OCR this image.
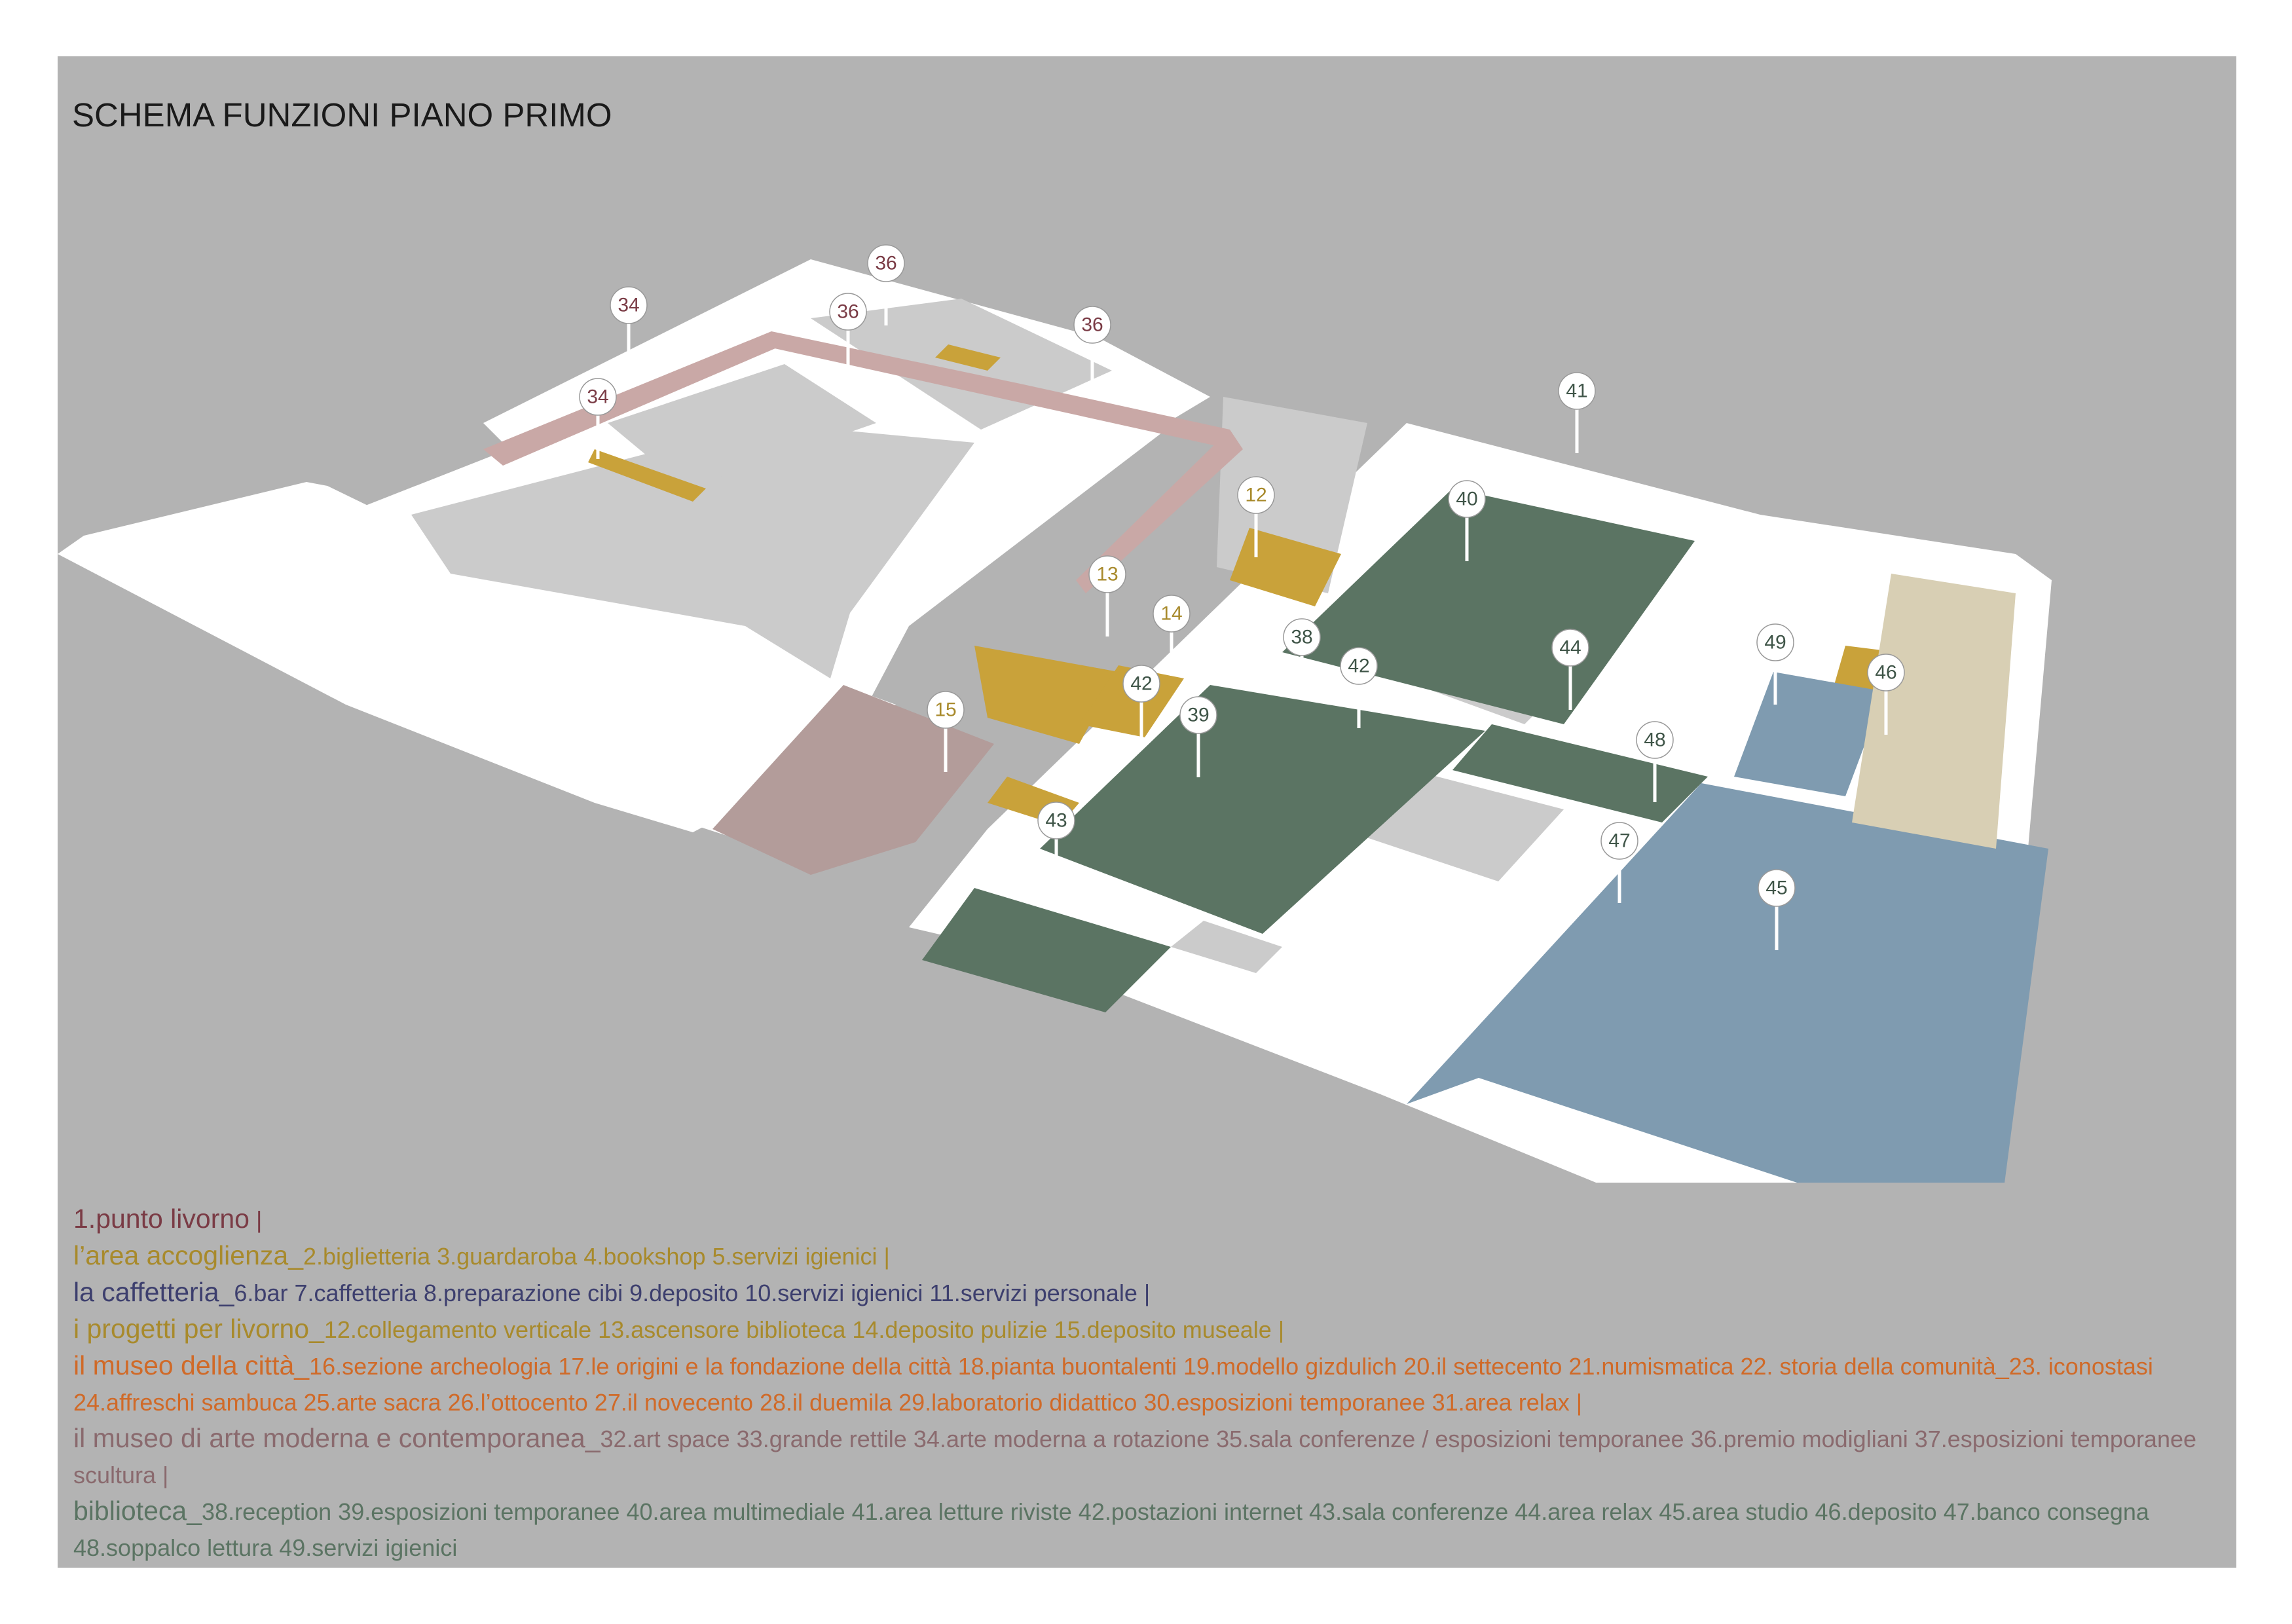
SCHEMA FUNZIONI PIANO PRIMO
34
34
36
36
36
12
13
14
15
41
40
38
42
42
39
43
44
48
47
45
49
46
1.punto livorno |
l’area accoglienza_2.biglietteria 3.guardaroba 4.bookshop 5.servizi igienici |
la caffetteria_6.bar 7.caffetteria 8.preparazione cibi 9.deposito 10.servizi igienici 11.servizi personale |
i progetti per livorno_12.collegamento verticale 13.ascensore biblioteca 14.deposito pulizie 15.deposito museale |
il museo della città_16.sezione archeologia 17.le origini e la fondazione della città 18.pianta buontalenti 19.modello gizdulich 20.il settecento 21.numismatica 22. storia della comunità_23. iconostasi 24.affreschi sambuca 25.arte sacra 26.l’ottocento 27.il novecento 28.il duemila 29.laboratorio didattico 30.esposizioni temporanee 31.area relax |
il museo di arte moderna e contemporanea_32.art space 33.grande rettile 34.arte moderna a rotazione 35.sala conferenze / esposizioni temporanee 36.premio modigliani 37.esposizioni temporanee scultura |
biblioteca_38.reception 39.esposizioni temporanee 40.area multimediale 41.area letture riviste 42.postazioni internet 43.sala conferenze 44.area relax 45.area studio 46.deposito 47.banco consegna 48.soppalco lettura 49.servizi igienici
